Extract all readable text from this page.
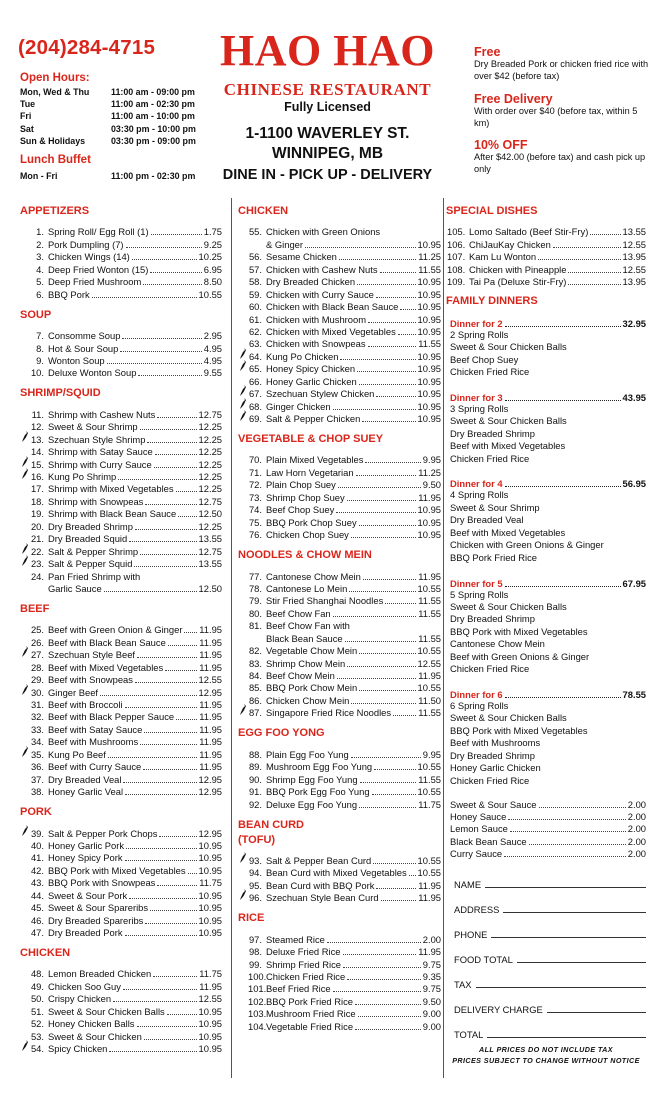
(204)284-4715
Open Hours:
Mon, Wed & Thu	11:00 am - 09:00 pm
Tue	11:00 am - 02:30 pm
Fri	11:00 am - 10:00 pm
Sat	03:30 pm - 10:00 pm
Sun & Holidays	03:30 pm - 09:00 pm
Lunch Buffet
Mon - Fri	11:00 pm - 02:30 pm
HAO HAO
CHINESE RESTAURANT
Fully Licensed
1-1100 WAVERLEY ST.
WINNIPEG, MB
DINE IN - PICK UP - DELIVERY
Free
Dry Breaded Pork or chicken fried rice with over $42 (before tax)
Free Delivery
With order over $40 (before tax, within 5 km)
10% OFF
After $42.00 (before tax) and cash pick up only
APPETIZERS
1. Spring Roll/ Egg Roll (1)	1.75
2. Pork Dumpling (7)	9.25
3. Chicken Wings (14)	10.25
4. Deep Fried Wonton (15)	6.95
5. Deep Fried Mushroom	8.50
6. BBQ Pork	10.55
SOUP
7. Consomme Soup	2.95
8. Hot & Sour Soup	4.95
9. Wonton Soup	4.95
10. Deluxe Wonton Soup	9.55
SHRIMP/SQUID
11. Shrimp with Cashew Nuts	12.75
12. Sweet & Sour Shrimp	12.25
13. Szechuan Style Shrimp	12.25
14. Shrimp with Satay Sauce	12.25
15. Shrimp with Curry Sauce	12.25
16. Kung Po Shrimp	12.25
17. Shrimp with Mixed Vegetables	12.25
18. Shrimp with Snowpeas	12.75
19. Shrimp with Black Bean Sauce 12.50
20. Dry Breaded Shrimp	12.25
21. Dry Breaded Squid	13.55
22. Salt & Pepper Shrimp	12.75
23. Salt & Pepper Squid	13.55
24. Pan Fried Shrimp with
Garlic Sauce	12.50
BEEF
25. Beef with Green Onion & Ginger 11.95
26. Beef with Black Bean Sauce	11.95
27. Szechuan Style Beef	11.95
28. Beef with Mixed Vegetables	11.95
29. Beef with Snowpeas	12.55
30. Ginger Beef	12.95
31. Beef with Broccoli	11.95
32. Beef with Black Pepper Sauce	11.95
33. Beef with Satay Sauce	11.95
34. Beef with Mushrooms	11.95
35. Kung Po Beef	11.95
36. Beef with Curry Sauce	11.95
37. Dry Breaded Veal	12.95
38. Honey Garlic Veal	12.95
PORK
39. Salt & Pepper Pork Chops	12.95
40. Honey Garlic Pork	10.95
41. Honey Spicy Pork	10.95
42. BBQ Pork with Mixed Vegetables 10.95
43. BBQ Pork with Snowpeas	11.75
44. Sweet & Sour Pork	10.95
45. Sweet & Sour Spareribs	10.95
46. Dry Breaded Spareribs	10.95
47. Dry Breaded Pork	10.95
CHICKEN
48. Lemon Breaded Chicken	11.75
49. Chicken Soo Guy	11.95
50. Crispy Chicken	12.55
51. Sweet & Sour Chicken Balls	10.95
52. Honey Chicken Balls	10.95
53. Sweet & Sour Chicken	10.95
54. Spicy Chicken	10.95
CHICKEN
55. Chicken with Green Onions
& Ginger	10.95
56. Sesame Chicken	11.25
57. Chicken with Cashew Nuts	11.55
58. Dry Breaded Chicken	10.95
59. Chicken with Curry Sauce	10.95
60. Chicken with Black Bean Sauce 10.95
61. Chicken with Mushroom	10.95
62. Chicken with Mixed Vegetables 10.95
63. Chicken with Snowpeas	11.55
64. Kung Po Chicken	10.95
65. Honey Spicy Chicken	10.95
66. Honey Garlic Chicken	10.95
67. Szechuan Stylew Chicken	10.95
68. Ginger Chicken	10.95
69. Salt & Pepper Chicken	10.95
VEGETABLE & CHOP SUEY
70. Plain Mixed Vegetables	9.95
71. Law Horn Vegetarian	11.25
72. Plain Chop Suey	9.50
73. Shrimp Chop Suey	11.95
74. Beef Chop Suey	10.95
75. BBQ Pork Chop Suey	10.95
76. Chicken Chop Suey	10.95
NOODLES & CHOW MEIN
77. Cantonese Chow Mein	11.95
78. Cantonese Lo Mein	10.55
79. Stir Fried Shanghai Noodles	11.55
80. Beef Chow Fan	11.55
81. Beef Chow Fan with
Black Bean Sauce	11.55
82. Vegetable Chow Mein	10.55
83. Shrimp Chow Mein	12.55
84. Beef Chow Mein	11.95
85. BBQ Pork Chow Mein	10.55
86. Chicken Chow Mein	11.50
87. Singapore Fried Rice Noodles	11.55
EGG FOO YONG
88. Plain Egg Foo Yung	9.95
89. Mushroom Egg Foo Yung	10.55
90. Shrimp Egg Foo Yung	11.55
91. BBQ Pork Egg Foo Yung	10.55
92. Deluxe Egg Foo Yung	11.75
BEAN CURD
(TOFU)
93. Salt & Pepper Bean Curd	10.55
94. Bean Curd with Mixed Vegetables 10.55
95. Bean Curd with BBQ Pork	11.95
96. Szechuan Style Bean Curd	11.95
RICE
97. Steamed Rice	2.00
98. Deluxe Fried Rice	11.95
99. Shrimp Fried Rice	9.75
100. Chicken Fried Rice	9.35
101. Beef Fried Rice	9.75
102. BBQ Pork Fried Rice	9.50
103. Mushroom Fried Rice	9.00
104. Vegetable Fried Rice	9.00
SPECIAL DISHES
105. Lomo Saltado (Beef Stir-Fry)	13.55
106. ChiJauKay Chicken	12.55
107. Kam Lu Wonton	13.95
108. Chicken with Pineapple	12.55
109. Tai Pa (Deluxe Stir-Fry)	13.95
FAMILY DINNERS
Dinner for 2	32.95
2 Spring Rolls
Sweet & Sour Chicken Balls
Beef Chop Suey
Chicken Fried Rice
Dinner for 3	43.95
3 Spring Rolls
Sweet & Sour Chicken Balls
Dry Breaded Shrimp
Beef with Mixed Vegetables
Chicken Fried Rice
Dinner for 4	56.95
4 Spring Rolls
Sweet & Sour Shrimp
Dry Breaded Veal
Beef with Mixed Vegetables
Chicken with Green Onions & Ginger
BBQ Pork Fried Rice
Dinner for 5	67.95
5 Spring Rolls
Sweet & Sour Chicken Balls
Dry Breaded Shrimp
BBQ Pork with Mixed Vegetables
Cantonese Chow Mein
Beef with Green Onions & Ginger
Chicken Fried Rice
Dinner for 6	78.55
6 Spring Rolls
Sweet & Sour Chicken Balls
BBQ Pork with Mixed Vegetables
Beef with Mushrooms
Dry Breaded Shrimp
Honey Garlic Chicken
Chicken Fried Rice
Sweet & Sour Sauce	2.00
Honey Sauce	2.00
Lemon Sauce	2.00
Black Bean Sauce	2.00
Curry Sauce	2.00
NAME
ADDRESS
PHONE
FOOD TOTAL
TAX
DELIVERY CHARGE
TOTAL
ALL PRICES DO NOT INCLUDE TAX
PRICES SUBJECT TO CHANGE WITHOUT NOTICE
